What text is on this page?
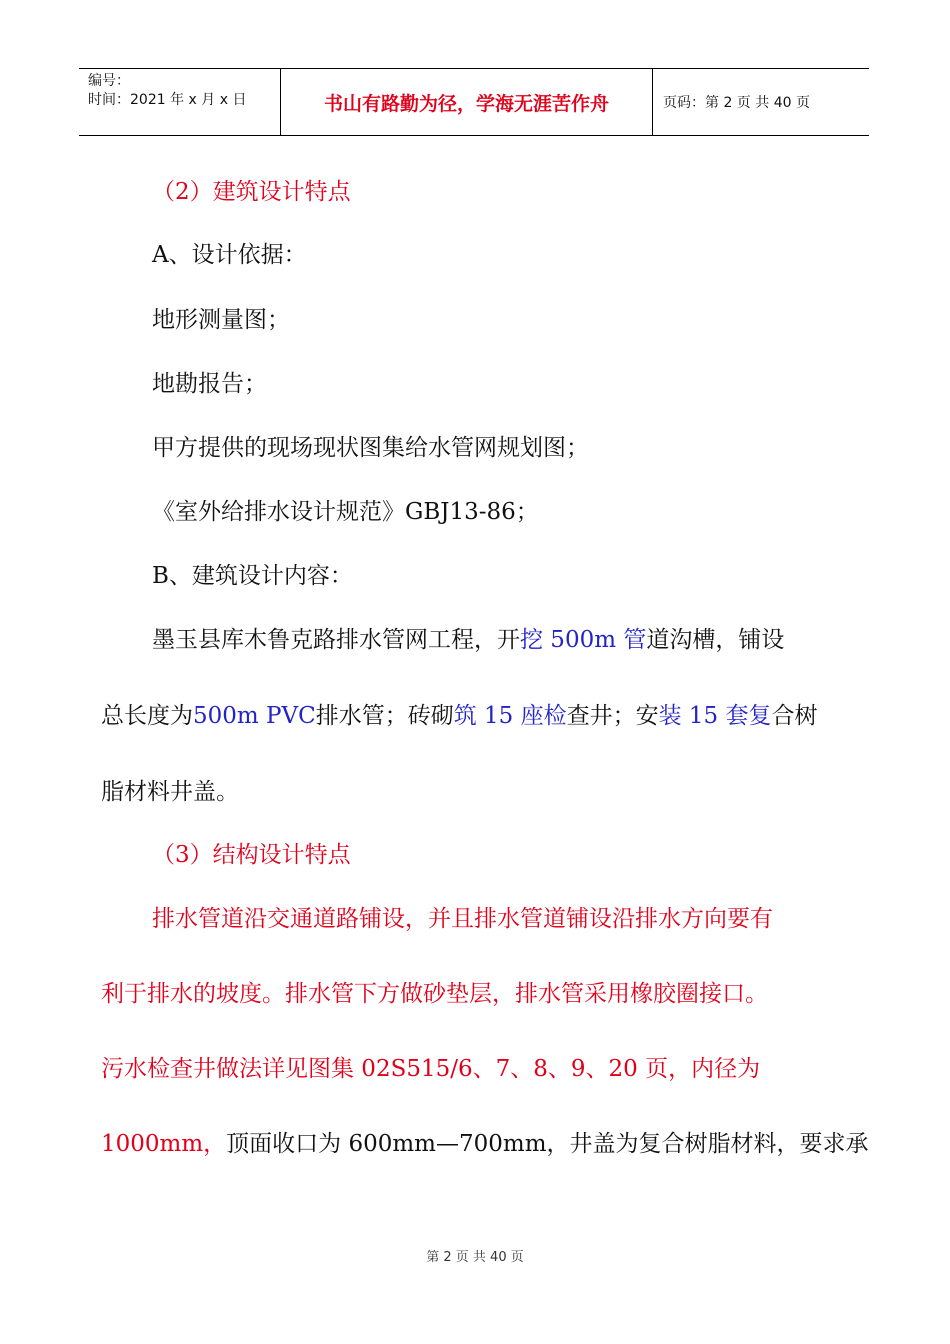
编号：
时间：2021 年 x 月 x 日	书山有路勤为径，学海无涯苦作舟	页码：第 2 页 共 40 页
（2）建筑设计特点
A、设计依据：
地形测量图；
地勘报告；
甲方提供的现场现状图集给水管网规划图；
《室外给排水设计规范》GBJ13-86；
B、建筑设计内容：
墨玉县库木鲁克路排水管网工程，开挖 500m 管道沟槽，铺设
总长度为500m PVC排水管；砖砌筑 15 座检查井；安装 15 套复合树
脂材料井盖。
（3）结构设计特点
排水管道沿交通道路铺设，并且排水管道铺设沿排水方向要有
利于排水的坡度。排水管下方做砂垫层，排水管采用橡胶圈接口。
污水检查井做法详见图集 02S515/6、7、8、9、20 页，内径为
1000mm，顶面收口为 600mm—700mm，井盖为复合树脂材料，要求承
第 2 页 共 40 页
